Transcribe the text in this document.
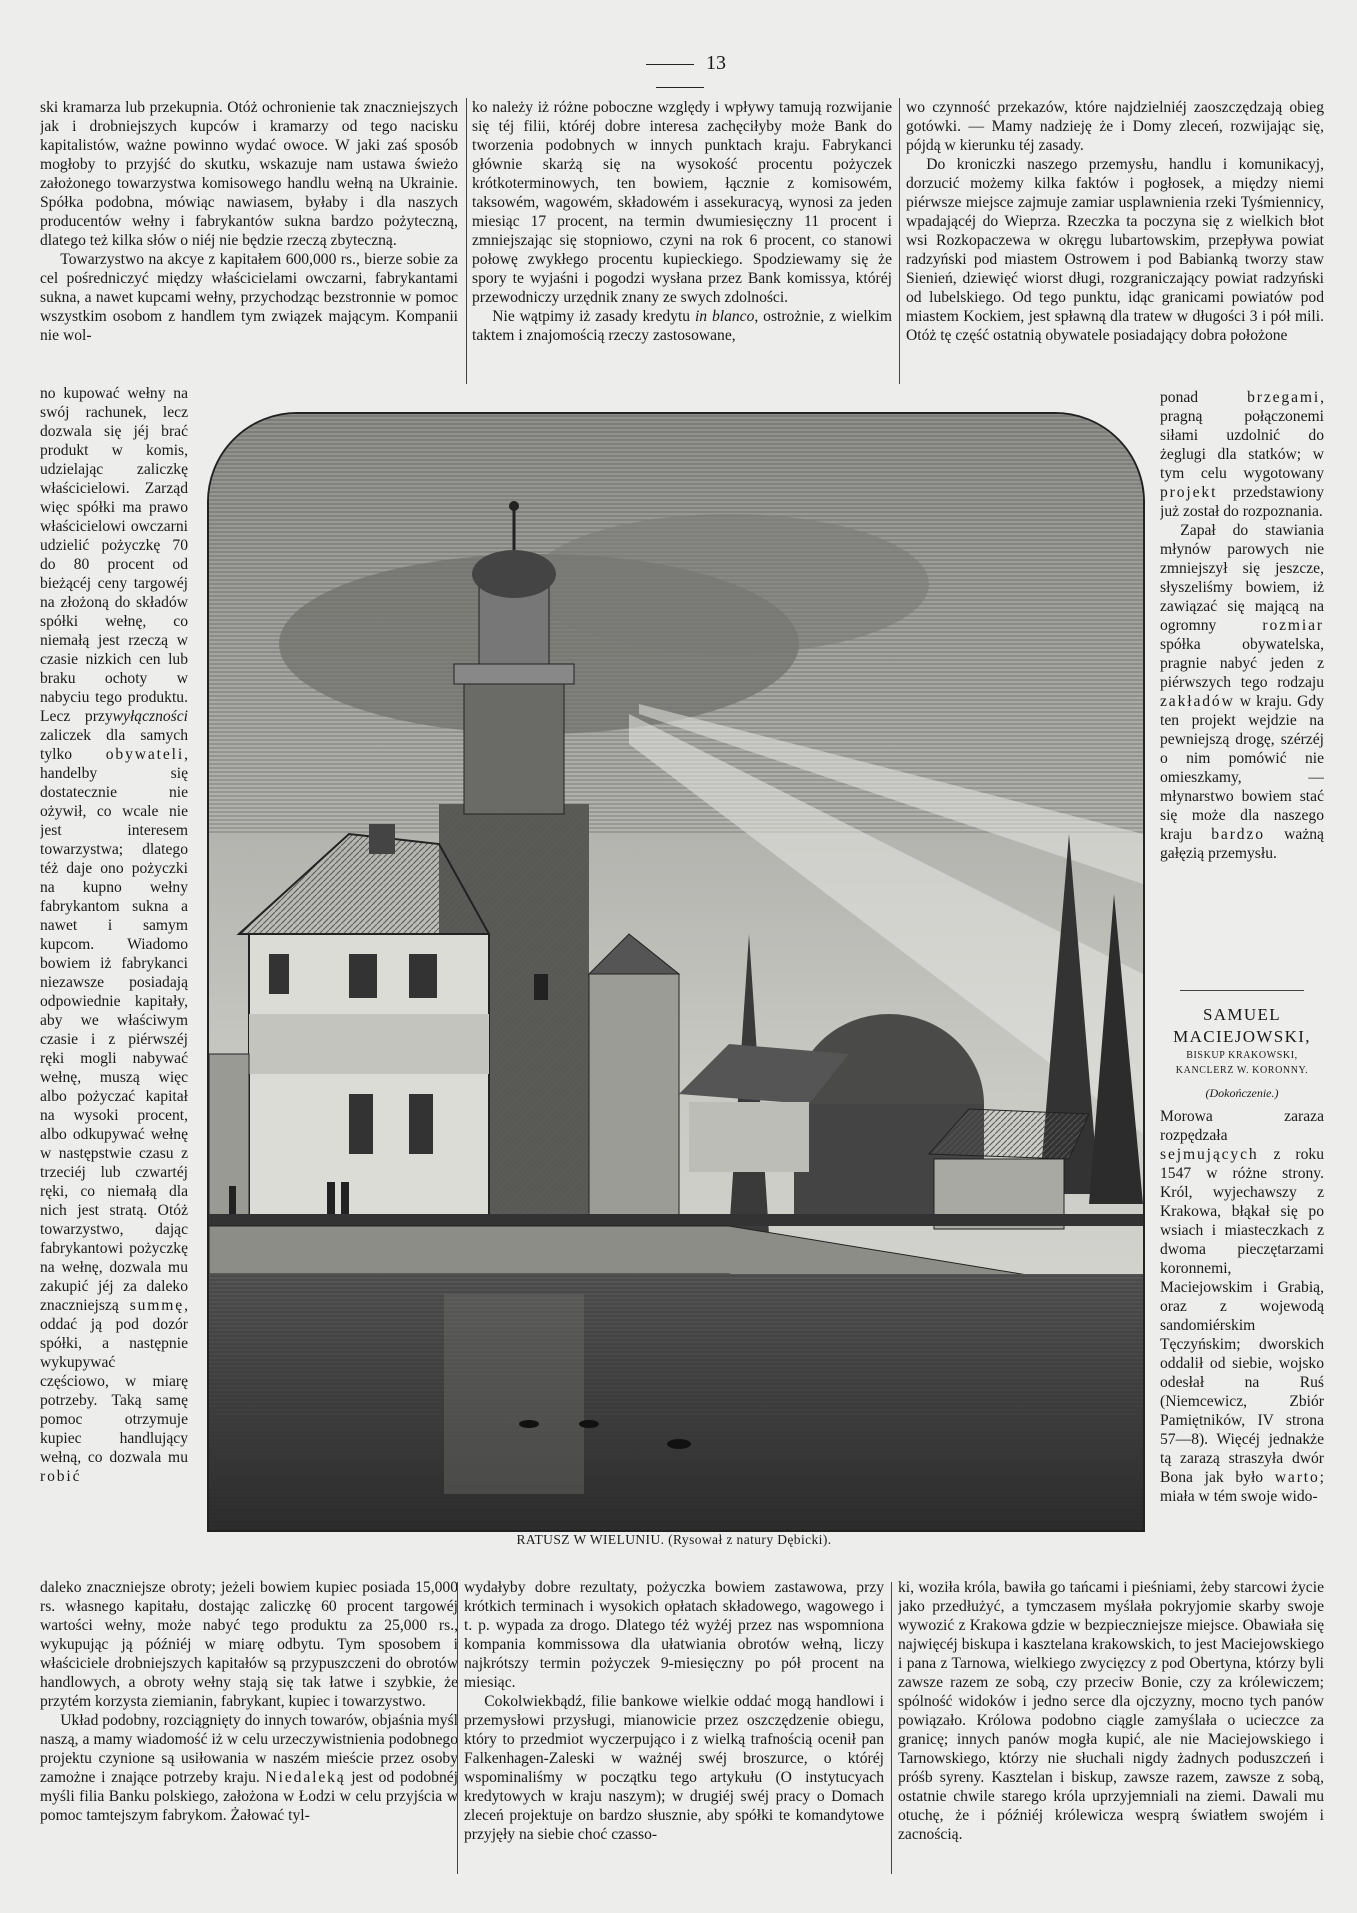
13

ski kramarza lub przekupnia. Otóż ochronienie tak znaczniejszych jak i drobniejszych kupców i kramarzy od tego nacisku kapitalistów, ważne powinno wydać owoce. W jaki zaś sposób mogłoby to przyjść do skutku, wskazuje nam ustawa świeżo założonego towarzystwa komisowego handlu wełną na Ukrainie. Spółka podobna, mówiąc nawiasem, byłaby i dla naszych producentów wełny i fabrykantów sukna bardzo pożyteczną, dlatego też kilka słów o niéj nie będzie rzeczą zbyteczną.

Towarzystwo na akcye z kapitałem 600,000 rs., bierze sobie za cel pośredniczyć między właścicielami owczarni, fabrykantami sukna, a nawet kupcami wełny, przychodząc bezstronnie w pomoc wszystkim osobom z handlem tym związek mającym. Kompanii nie wol-

no kupować wełny na swój rachunek, lecz dozwala się jéj brać produkt w komis, udzielając zaliczkę właścicielowi. Zarząd więc spółki ma prawo właścicielowi owczarni udzielić pożyczkę 70 do 80 procent od bieżącéj ceny targowéj na złożoną do składów spółki wełnę, co niemałą jest rzeczą w czasie nizkich cen lub braku ochoty w nabyciu tego produktu. Lecz przywyłączności zaliczek dla samych tylko obywateli, handelby się dostatecznie nie ożywił, co wcale nie jest interesem towarzystwa; dlatego téż daje ono pożyczki na kupno wełny fabrykantom sukna a nawet i samym kupcom. Wiadomo bowiem iż fabrykanci niezawsze posiadają odpowiednie kapitały, aby we właściwym czasie i z piérwszéj ręki mogli nabywać wełnę, muszą więc albo pożyczać kapitał na wysoki procent, albo odkupywać wełnę w następstwie czasu z trzeciéj lub czwartéj ręki, co niemałą dla nich jest stratą. Otóż towarzystwo, dając fabrykantowi pożyczkę na wełnę, dozwala mu zakupić jéj za daleko znaczniejszą summę, oddać ją pod dozór spółki, a następnie wykupywać częściowo, w miarę potrzeby. Taką samę pomoc otrzymuje kupiec handlujący wełną, co dozwala mu robić

ko należy iż różne poboczne względy i wpływy tamują rozwijanie się téj filii, któréj dobre interesa zachęciłyby może Bank do tworzenia podobnych w innych punktach kraju. Fabrykanci głównie skarżą się na wysokość procentu pożyczek krótkoterminowych, ten bowiem, łącznie z komisowém, taksowém, wagowém, składowém i assekuracyą, wynosi za jeden miesiąc 17 procent, na termin dwumiesięczny 11 procent i zmniejszając się stopniowo, czyni na rok 6 procent, co stanowi połowę zwykłego procentu kupieckiego. Spodziewamy się że spory te wyjaśni i pogodzi wysłana przez Bank komissya, któréj przewodniczy urzędnik znany ze swych zdolności.

Nie wątpimy iż zasady kredytu in blanco, ostrożnie, z wielkim taktem i znajomością rzeczy zastosowane,

wo czynność przekazów, które najdzielniéj zaoszczędzają obieg gotówki. — Mamy nadzieję że i Domy zleceń, rozwijając się, pójdą w kierunku téj zasady.

Do kroniczki naszego przemysłu, handlu i komunikacyj, dorzucić możemy kilka faktów i pogłosek, a między niemi piérwsze miejsce zajmuje zamiar usplawnienia rzeki Tyśmiennicy, wpadającéj do Wieprza. Rzeczka ta poczyna się z wielkich błot wsi Rozkopaczewa w okręgu lubartowskim, przepływa powiat radzyński pod miastem Ostrowem i pod Babianką tworzy staw Sienień, dziewięć wiorst długi, rozgraniczający powiat radzyński od lubelskiego. Od tego punktu, idąc granicami powiatów pod miastem Kockiem, jest spławną dla tratew w długości 3 i pół mili. Otóż tę część ostatnią obywatele posiadający dobra położone

ponad brzegami, pragną połączonemi siłami uzdolnić do żeglugi dla statków; w tym celu wygotowany projekt przedstawiony już został do rozpoznania.

Zapał do stawiania młynów parowych nie zmniejszył się jeszcze, słyszeliśmy bowiem, iż zawiązać się mającą na ogromny rozmiar spółka obywatelska, pragnie nabyć jeden z piérwszych tego rodzaju zakładów w kraju. Gdy ten projekt wejdzie na pewniejszą drogę, szérzéj o nim pomówić nie omieszkamy, — młynarstwo bowiem stać się może dla naszego kraju bardzo ważną gałęzią przemysłu.

SAMUEL
MACIEJOWSKI,
BISKUP KRAKOWSKI,
KANCLERZ W. KORONNY.
(Dokończenie.)

Morowa zaraza rozpędzała sejmujących z roku 1547 w różne strony. Król, wyjechawszy z Krakowa, błąkał się po wsiach i miasteczkach z dwoma pieczętarzami koronnemi, Maciejowskim i Grabią, oraz z wojewodą sandomiérskim Tęczyńskim; dworskich oddalił od siebie, wojsko odesłał na Ruś (Niemcewicz, Zbiór Pamiętników, IV strona 57—8). Więcéj jednakże tą zarazą straszyła dwór Bona jak było warto; miała w tém swoje wido-

RATUSZ W WIELUNIU. (Rysował z natury Dębicki).

daleko znaczniejsze obroty; jeżeli bowiem kupiec posiada 15,000 rs. własnego kapitału, dostając zaliczkę 60 procent targowéj wartości wełny, może nabyć tego produktu za 25,000 rs., wykupując ją późniéj w miarę odbytu. Tym sposobem i właściciele drobniejszych kapitałów są przypuszczeni do obrotów handlowych, a obroty wełny stają się tak łatwe i szybkie, że przytém korzysta ziemianin, fabrykant, kupiec i towarzystwo.

Układ podobny, rozciągnięty do innych towarów, objaśnia myśl naszą, a mamy wiadomość iż w celu urzeczywistnienia podobnego projektu czynione są usiłowania w naszém mieście przez osoby zamożne i znające potrzeby kraju. Niedaleką jest od podobnéj myśli filia Banku polskiego, założona w Łodzi w celu przyjścia w pomoc tamtejszym fabrykom. Żałować tyl-

wydałyby dobre rezultaty, pożyczka bowiem zastawowa, przy krótkich terminach i wysokich opłatach składowego, wagowego i t. p. wypada za drogo. Dlatego téż wyżéj przez nas wspomniona kompania kommissowa dla ułatwiania obrotów wełną, liczy najkrótszy termin pożyczek 9-miesięczny po pół procent na miesiąc.

Cokolwiekbądź, filie bankowe wielkie oddać mogą handlowi i przemysłowi przysługi, mianowicie przez oszczędzenie obiegu, który to przedmiot wyczerpująco i z wielką trafnością ocenił pan Falkenhagen-Zaleski w ważnéj swéj broszurce, o któréj wspominaliśmy w początku tego artykułu (O instytucyach kredytowych w kraju naszym); w drugiéj swéj pracy o Domach zleceń projektuje on bardzo słusznie, aby spółki te komandytowe przyjęły na siebie choć czasso-

ki, woziła króla, bawiła go tańcami i pieśniami, żeby starcowi życie jako przedłużyć, a tymczasem myślała pokryjomie skarby swoje wywozić z Krakowa gdzie w bezpieczniejsze miejsce. Obawiała się najwięcéj biskupa i kasztelana krakowskich, to jest Maciejowskiego i pana z Tarnowa, wielkiego zwycięzcy z pod Obertyna, którzy byli zawsze razem ze sobą, czy przeciw Bonie, czy za królewiczem; spólność widoków i jedno serce dla ojczyzny, mocno tych panów powiązało. Królowa podobno ciągle zamyślała o ucieczce za granicę; innych panów mogła kupić, ale nie Maciejowskiego i Tarnowskiego, którzy nie słuchali nigdy żadnych poduszczeń i próśb syreny. Kasztelan i biskup, zawsze razem, zawsze z sobą, ostatnie chwile starego króla uprzyjemniali na ziemi. Dawali mu otuchę, że i późniéj królewicza wesprą światłem swojém i zacnością.
